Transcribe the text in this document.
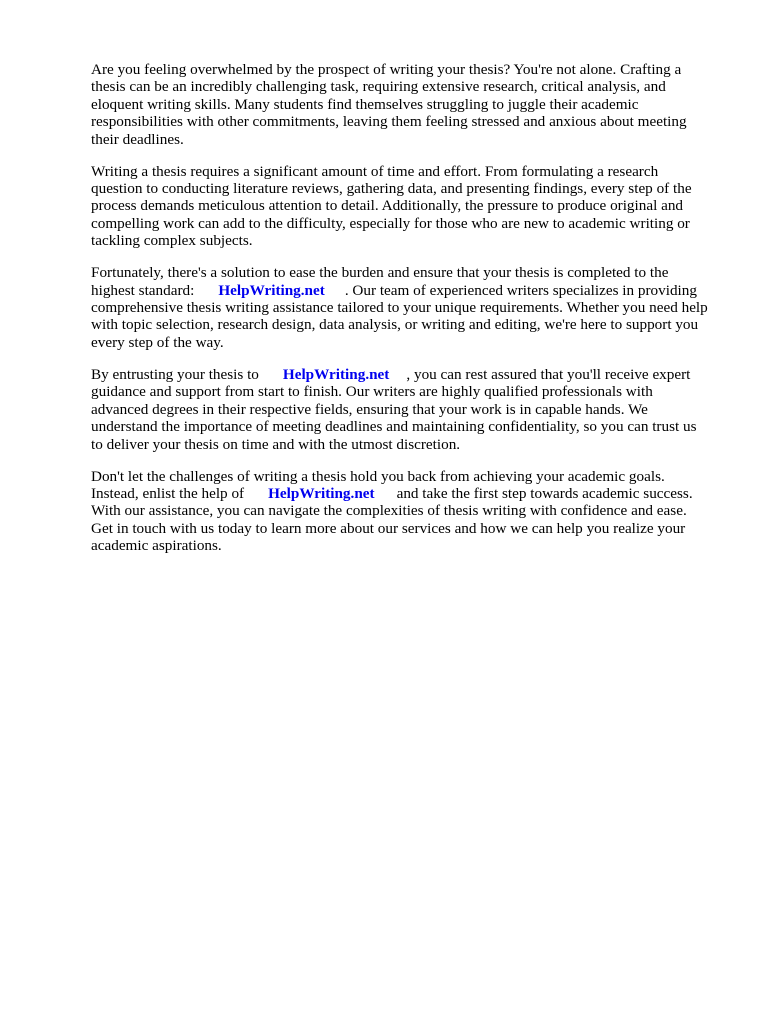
Are you feeling overwhelmed by the prospect of writing your thesis? You're not alone. Crafting a
thesis can be an incredibly challenging task, requiring extensive research, critical analysis, and
eloquent writing skills. Many students find themselves struggling to juggle their academic
responsibilities with other commitments, leaving them feeling stressed and anxious about meeting
their deadlines.

Writing a thesis requires a significant amount of time and effort. From formulating a research
question to conducting literature reviews, gathering data, and presenting findings, every step of the
process demands meticulous attention to detail. Additionally, the pressure to produce original and
compelling work can add to the difficulty, especially for those who are new to academic writing or
tackling complex subjects.

Fortunately, there's a solution to ease the burden and ensure that your thesis is completed to the
highest standard: HelpWriting.net . Our team of experienced writers specializes in providing
comprehensive thesis writing assistance tailored to your unique requirements. Whether you need help
with topic selection, research design, data analysis, or writing and editing, we're here to support you
every step of the way.

By entrusting your thesis to HelpWriting.net , you can rest assured that you'll receive expert
guidance and support from start to finish. Our writers are highly qualified professionals with
advanced degrees in their respective fields, ensuring that your work is in capable hands. We
understand the importance of meeting deadlines and maintaining confidentiality, so you can trust us
to deliver your thesis on time and with the utmost discretion.

Don't let the challenges of writing a thesis hold you back from achieving your academic goals.
Instead, enlist the help of HelpWriting.net and take the first step towards academic success.
With our assistance, you can navigate the complexities of thesis writing with confidence and ease.
Get in touch with us today to learn more about our services and how we can help you realize your
academic aspirations.
